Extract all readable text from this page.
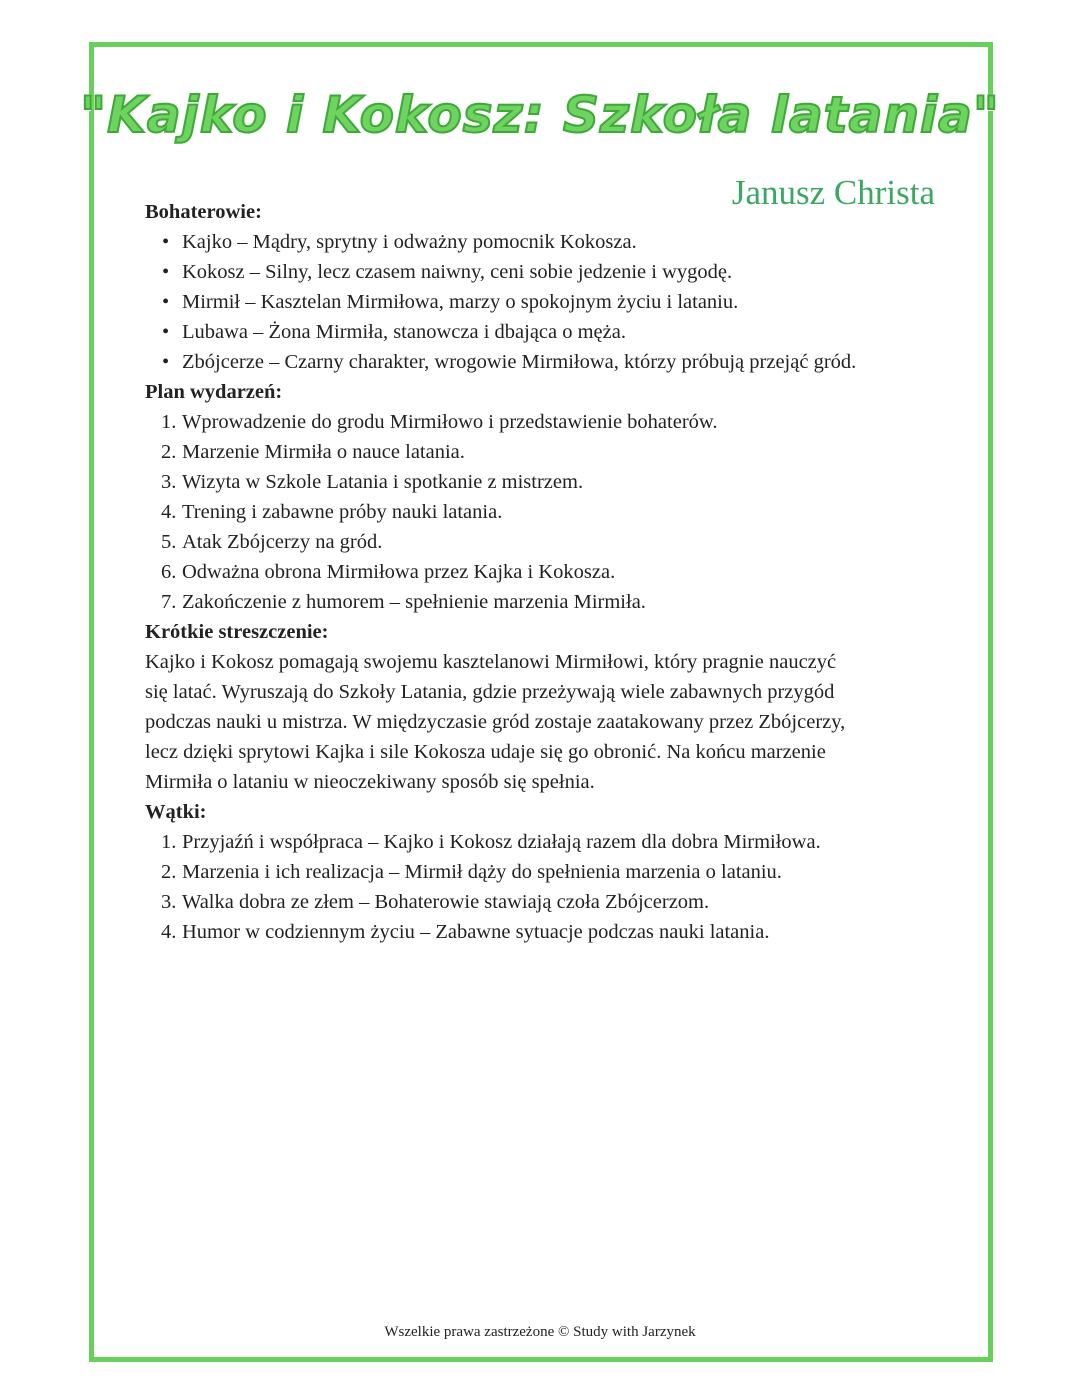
"Kajko i Kokosz: Szkoła latania"
Janusz Christa
Bohaterowie:
• Kajko – Mądry, sprytny i odważny pomocnik Kokosza.
• Kokosz – Silny, lecz czasem naiwny, ceni sobie jedzenie i wygodę.
• Mirmił – Kasztelan Mirmiłowa, marzy o spokojnym życiu i lataniu.
• Lubawa – Żona Mirmiła, stanowcza i dbająca o męża.
• Zbójcerze – Czarny charakter, wrogowie Mirmiłowa, którzy próbują przejąć gród.
Plan wydarzeń:
1. Wprowadzenie do grodu Mirmiłowo i przedstawienie bohaterów.
2. Marzenie Mirmiła o nauce latania.
3. Wizyta w Szkole Latania i spotkanie z mistrzem.
4. Trening i zabawne próby nauki latania.
5. Atak Zbójcerzy na gród.
6. Odważna obrona Mirmiłowa przez Kajka i Kokosza.
7. Zakończenie z humorem – spełnienie marzenia Mirmiła.
Krótkie streszczenie:

Kajko i Kokosz pomagają swojemu kasztelanowi Mirmiłowi, który pragnie nauczyć

się latać. Wyruszają do Szkoły Latania, gdzie przeżywają wiele zabawnych przygód

podczas nauki u mistrza. W międzyczasie gród zostaje zaatakowany przez Zbójcerzy,

lecz dzięki sprytowi Kajka i sile Kokosza udaje się go obronić. Na końcu marzenie

Mirmiła o lataniu w nieoczekiwany sposób się spełnia.

Wątki:
1. Przyjaźń i współpraca – Kajko i Kokosz działają razem dla dobra Mirmiłowa.
2. Marzenia i ich realizacja – Mirmił dąży do spełnienia marzenia o lataniu.
3. Walka dobra ze złem – Bohaterowie stawiają czoła Zbójcerzom.
4. Humor w codziennym życiu – Zabawne sytuacje podczas nauki latania.
Wszelkie prawa zastrzeżone © Study with Jarzynek
